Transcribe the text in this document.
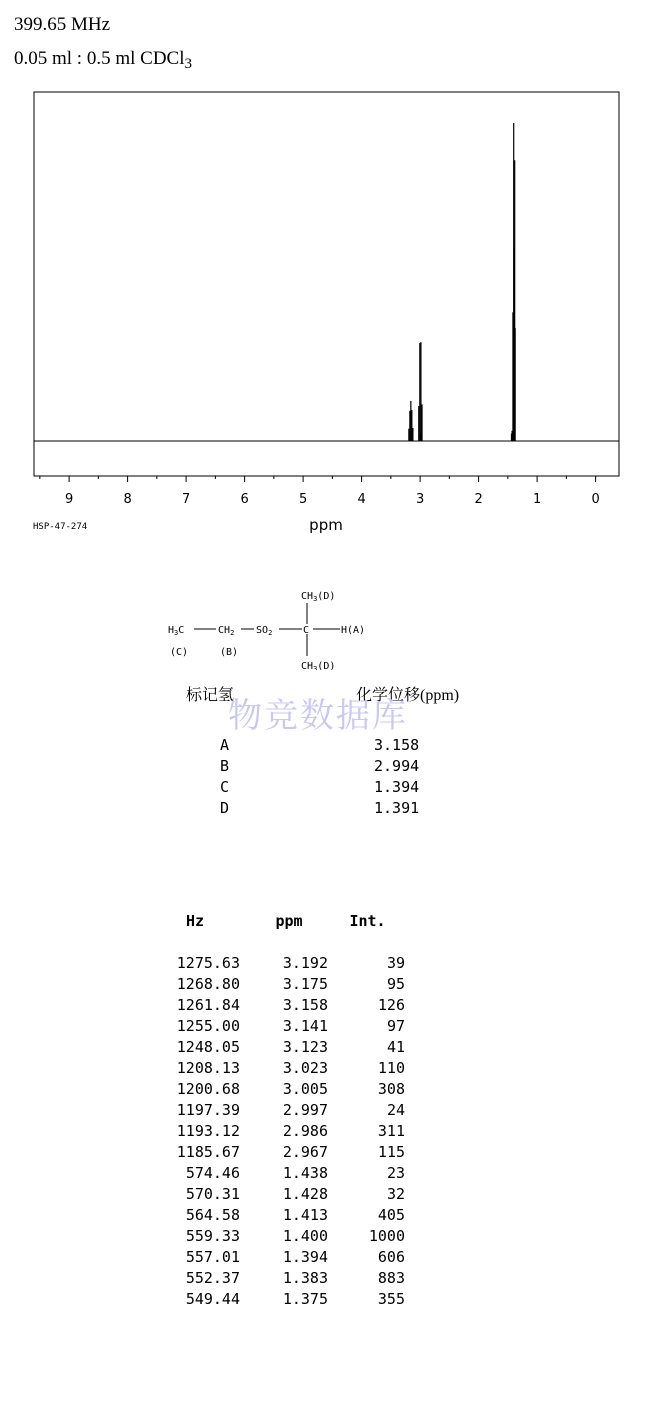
399.65 MHz
0.05 ml : 0.5 ml CDCl$_3$
9	8	7	6	5	4	3	2	1	0
ppm
HSP-47-274
$CH_3(D)$
$H_3C$	$CH_2$ $SO_2$	C	H(A)
$CH_3(D)$
(C)	(B)
标记氢	化学位移(ppm)
物竞数据库
A	3.158
B	2.994
C	1.394
D	1.391
Hz	ppm	Int.
1275.63	3.192	39
1268.80	3.175	95
1261.84	3.158	126
1255.00	3.141	97
1248.05	3.123	41
1208.13	3.023	110
1200.68	3.005	308
1197.39	2.997	24
1193.12	2.986	311
1185.67	2.967	115
574.46	1.438	23
570.31	1.428	32
564.58	1.413	405
559.33	1.400	1000
557.01	1.394	606
552.37	1.383	883
549.44	1.375	355
